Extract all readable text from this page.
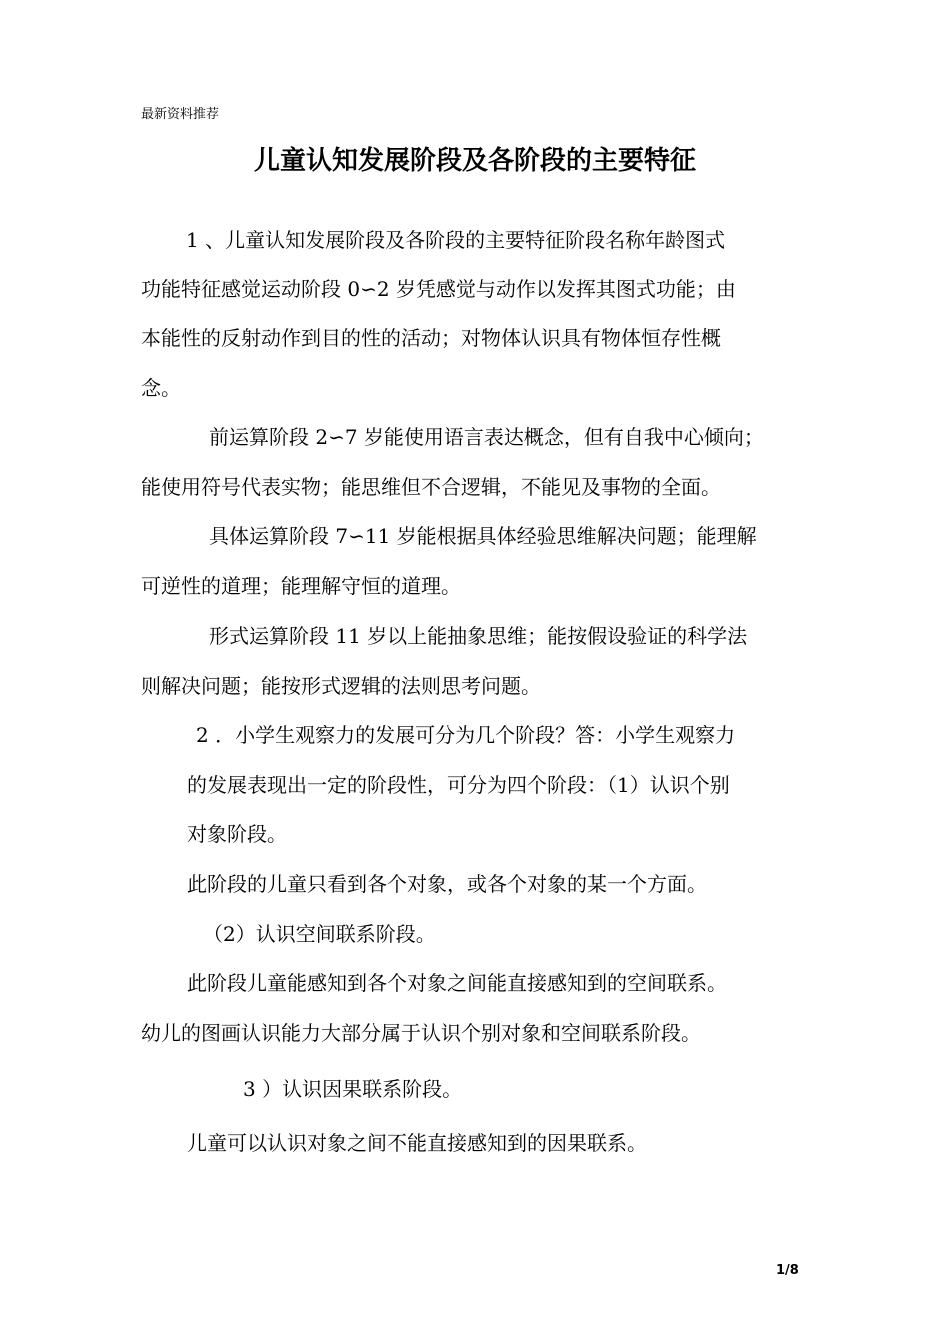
最新资料推荐
儿童认知发展阶段及各阶段的主要特征
1 、儿童认知发展阶段及各阶段的主要特征阶段名称年龄图式
功能特征感觉运动阶段 0∽2 岁凭感觉与动作以发挥其图式功能；由
本能性的反射动作到目的性的活动；对物体认识具有物体恒存性概
念。
前运算阶段 2∽7 岁能使用语言表达概念，但有自我中心倾向；
能使用符号代表实物；能思维但不合逻辑，不能见及事物的全面。
具体运算阶段 7∽11 岁能根据具体经验思维解决问题；能理解
可逆性的道理；能理解守恒的道理。
形式运算阶段 11 岁以上能抽象思维；能按假设验证的科学法
则解决问题；能按形式逻辑的法则思考问题。
2 ．小学生观察力的发展可分为几个阶段？答：小学生观察力
的发展表现出一定的阶段性，可分为四个阶段：（1）认识个别
对象阶段。
此阶段的儿童只看到各个对象，或各个对象的某一个方面。
（2）认识空间联系阶段。
此阶段儿童能感知到各个对象之间能直接感知到的空间联系。
幼儿的图画认识能力大部分属于认识个别对象和空间联系阶段。
3 ）认识因果联系阶段。
儿童可以认识对象之间不能直接感知到的因果联系。
1/8
